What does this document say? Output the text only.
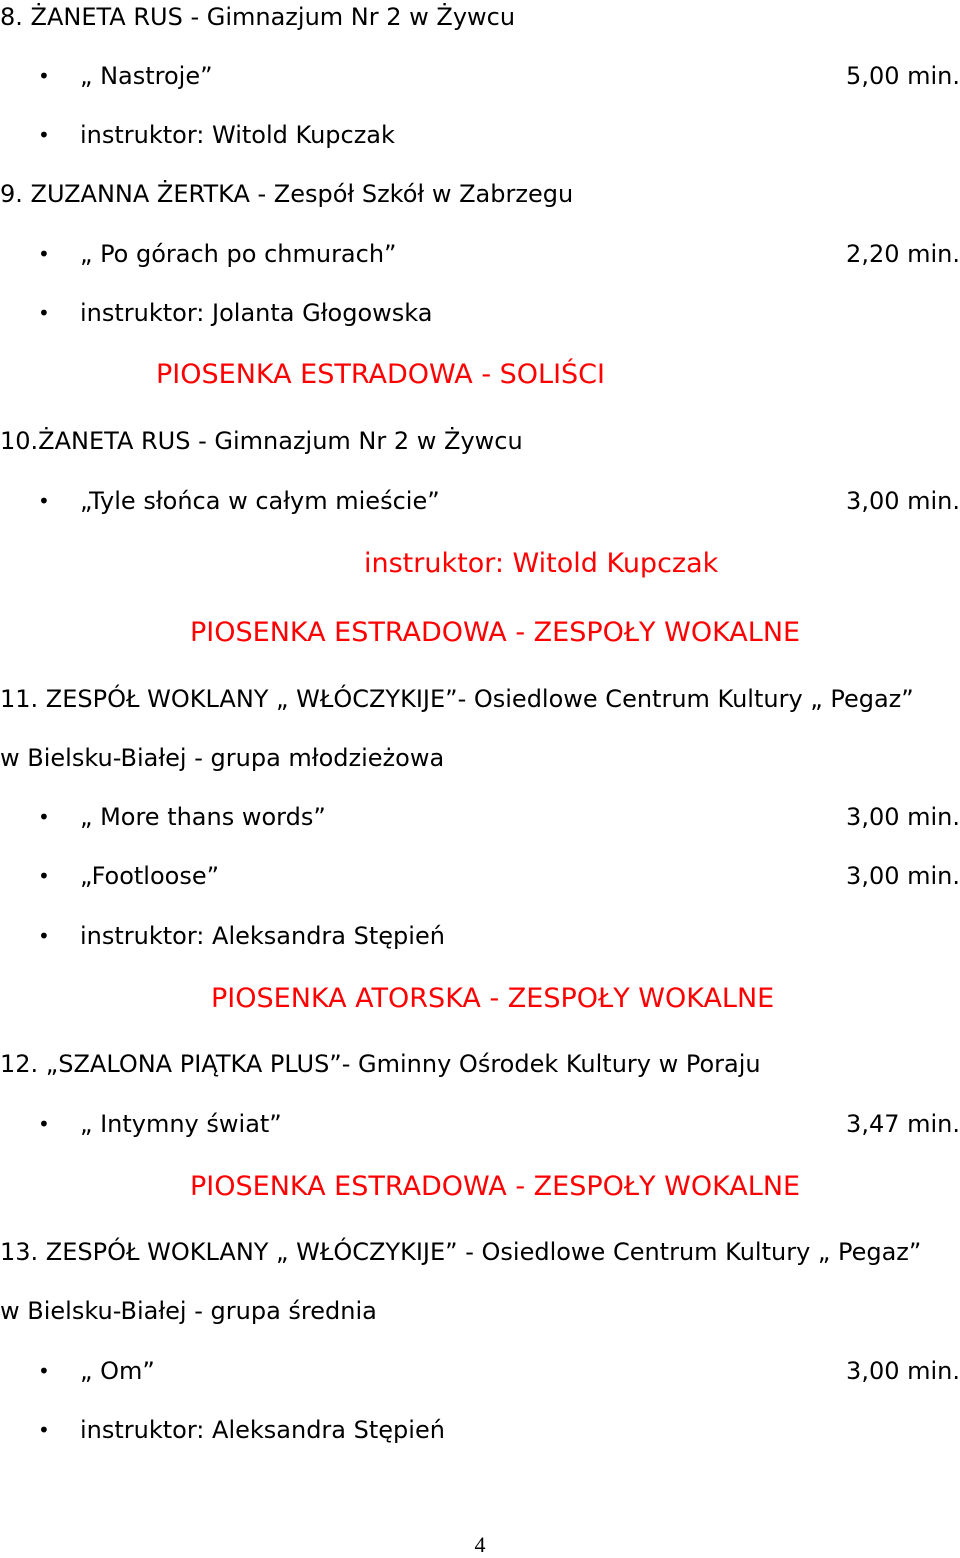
8. ŻANETA RUS - Gimnazjum Nr 2 w Żywcu
• „ Nastroje”	5,00 min.
• instruktor: Witold Kupczak
9. ZUZANNA ŻERTKA - Zespół Szkół w Zabrzegu
• „ Po górach po chmurach”	2,20 min.
• instruktor: Jolanta Głogowska
PIOSENKA ESTRADOWA - SOLIŚCI
10.ŻANETA RUS - Gimnazjum Nr 2 w Żywcu
• „Tyle słońca w całym mieście”	3,00 min.
instruktor: Witold Kupczak
PIOSENKA ESTRADOWA - ZESPOŁY WOKALNE
11. ZESPÓŁ WOKLANY „ WŁÓCZYKIJE”- Osiedlowe Centrum Kultury „ Pegaz”
w Bielsku-Białej - grupa młodzieżowa
• „ More thans words”	3,00 min.
• „Footloose”	3,00 min.
• instruktor: Aleksandra Stępień
PIOSENKA ATORSKA - ZESPOŁY WOKALNE
12. „SZALONA PIĄTKA PLUS”- Gminny Ośrodek Kultury w Poraju
• „ Intymny świat”	3,47 min.
PIOSENKA ESTRADOWA - ZESPOŁY WOKALNE
13. ZESPÓŁ WOKLANY „ WŁÓCZYKIJE” - Osiedlowe Centrum Kultury „ Pegaz”
w Bielsku-Białej - grupa średnia
• „ Om”	3,00 min.
• instruktor: Aleksandra Stępień
4
